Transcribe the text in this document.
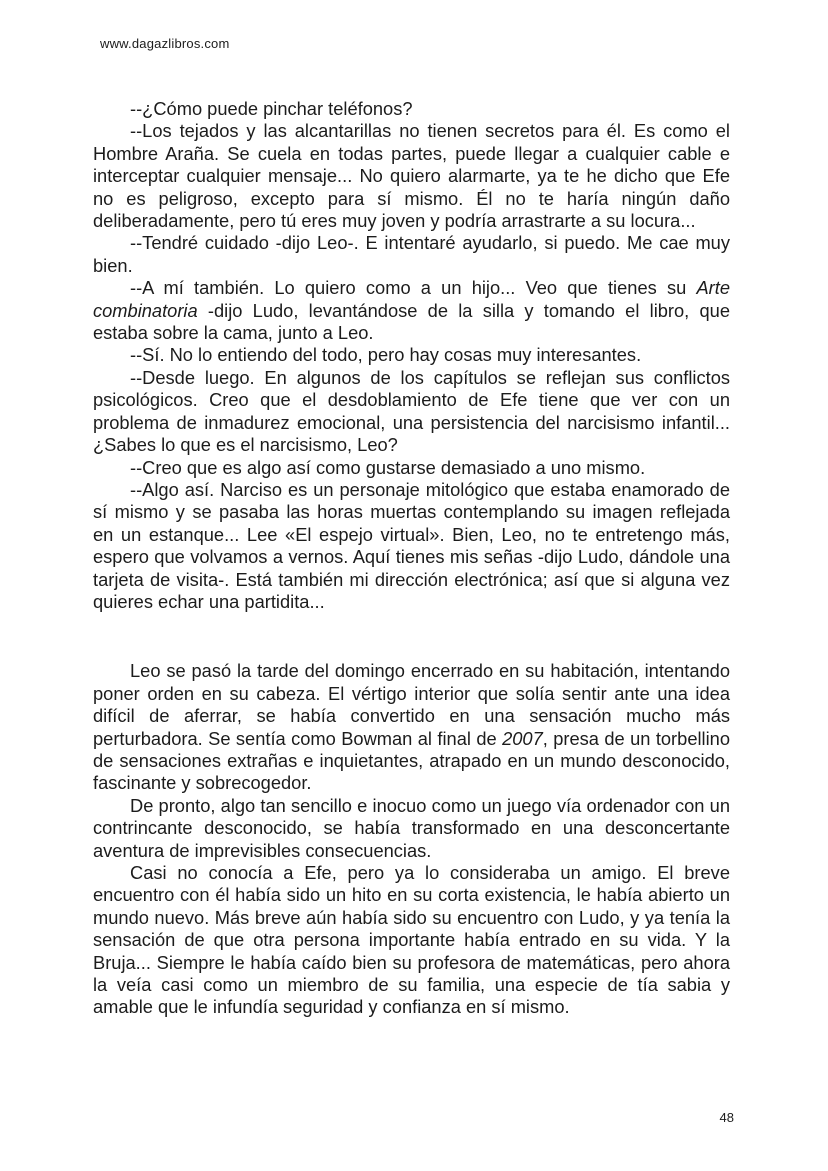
www.dagazlibros.com

--¿Cómo puede pinchar teléfonos?

--Los tejados y las alcantarillas no tienen secretos para él. Es como el Hombre Araña. Se cuela en todas partes, puede llegar a cualquier cable e interceptar cualquier mensaje... No quiero alarmarte, ya te he dicho que Efe no es peligroso, excepto para sí mismo. Él no te haría ningún daño deliberadamente, pero tú eres muy joven y podría arrastrarte a su locura...

--Tendré cuidado -dijo Leo-. E intentaré ayudarlo, si puedo. Me cae muy bien.

--A mí también. Lo quiero como a un hijo... Veo que tienes su Arte combinatoria -dijo Ludo, levantándose de la silla y tomando el libro, que estaba sobre la cama, junto a Leo.

--Sí. No lo entiendo del todo, pero hay cosas muy interesantes.

--Desde luego. En algunos de los capítulos se reflejan sus conflictos psicológicos. Creo que el desdoblamiento de Efe tiene que ver con un problema de inmadurez emocional, una persistencia del narcisismo infantil... ¿Sabes lo que es el narcisismo, Leo?

--Creo que es algo así como gustarse demasiado a uno mismo.

--Algo así. Narciso es un personaje mitológico que estaba enamorado de sí mismo y se pasaba las horas muertas contemplando su imagen reflejada en un estanque... Lee «El espejo virtual». Bien, Leo, no te entretengo más, espero que volvamos a vernos. Aquí tienes mis señas -dijo Ludo, dándole una tarjeta de visita-. Está también mi dirección electrónica; así que si alguna vez quieres echar una partidita...

Leo se pasó la tarde del domingo encerrado en su habitación, intentando poner orden en su cabeza. El vértigo interior que solía sentir ante una idea difícil de aferrar, se había convertido en una sensación mucho más perturbadora. Se sentía como Bowman al final de 2007, presa de un torbellino de sensaciones extrañas e inquietantes, atrapado en un mundo desconocido, fascinante y sobrecogedor.

De pronto, algo tan sencillo e inocuo como un juego vía ordenador con un contrincante desconocido, se había transformado en una desconcertante aventura de imprevisibles consecuencias.

Casi no conocía a Efe, pero ya lo consideraba un amigo. El breve encuentro con él había sido un hito en su corta existencia, le había abierto un mundo nuevo. Más breve aún había sido su encuentro con Ludo, y ya tenía la sensación de que otra persona importante había entrado en su vida. Y la Bruja... Siempre le había caído bien su profesora de matemáticas, pero ahora la veía casi como un miembro de su familia, una especie de tía sabia y amable que le infundía seguridad y confianza en sí mismo.

48
